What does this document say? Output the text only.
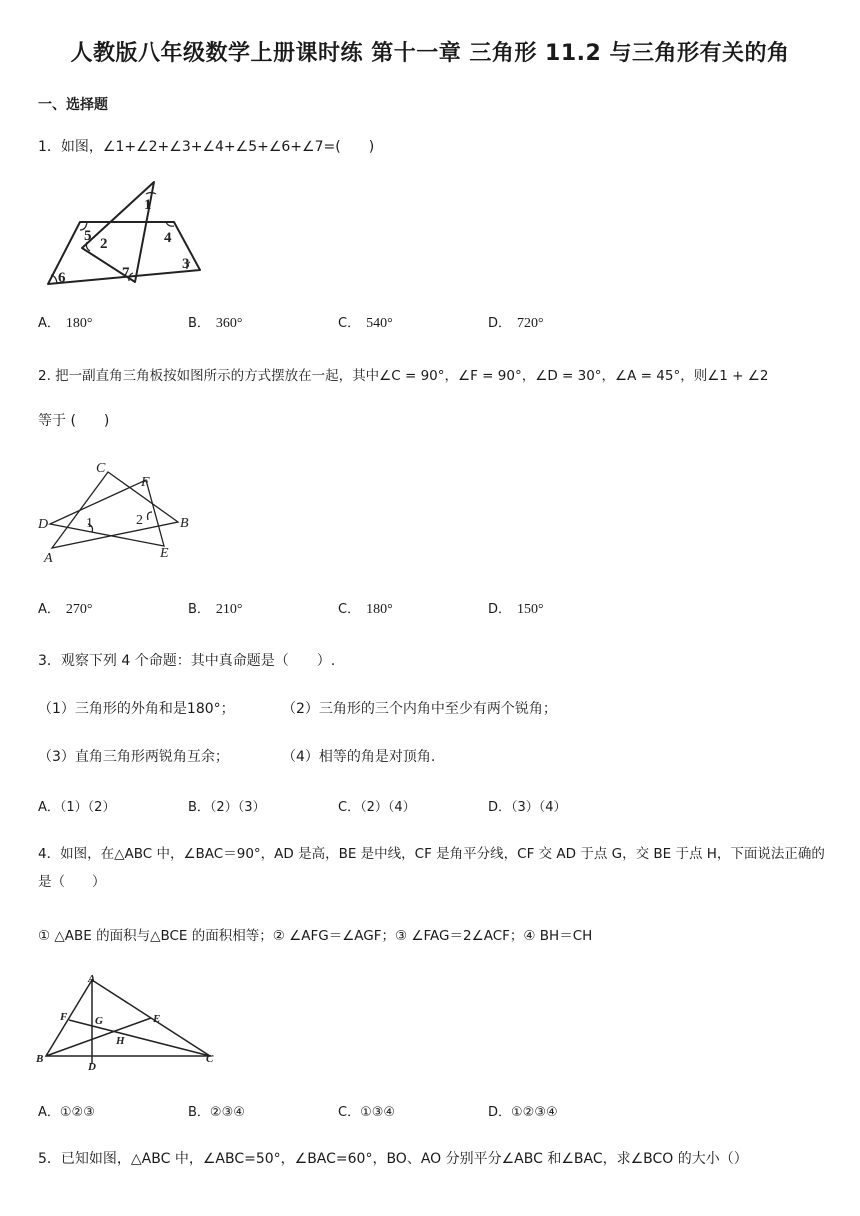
人教版八年级数学上册课时练 第十一章 三角形 11.2 与三角形有关的角
一、选择题
1．如图，∠1+∠2+∠3+∠4+∠5+∠6+∠7=(　　)
1
2
3
4
5
6	7
A． 180°	B． 360°	C． 540°	D． 720°
2. 把一副直角三角板按如图所示的方式摆放在一起，其中∠C = 90°，∠F = 90°，∠D = 30°，∠A = 45°，则∠1 + ∠2
等于 (　　)
C
F
D	1	2	B
E
A
A． 270°	B． 210°	C． 180°	D． 150°
3．观察下列 4 个命题：其中真命题是（　　）.
（1）三角形的外角和是180°；	（2）三角形的三个内角中至少有两个锐角；
（3）直角三角形两锐角互余；	（4）相等的角是对顶角.
A．（1）（2）	B．（2）（3）	C．（2）（4）	D．（3）（4）
4．如图，在△ABC 中，∠BAC＝90°，AD 是高，BE 是中线，CF 是角平分线，CF 交 AD 于点 G，交 BE 于点 H，下面说法正确的是（　　）
① △ABE 的面积与△BCE 的面积相等；② ∠AFG＝∠AGF；③ ∠FAG＝2∠ACF；④ BH＝CH
A
F	G	E
H
B
D
C
A．①②③	B．②③④	C．①③④	D．①②③④
5．已知如图，△ABC 中，∠ABC=50°，∠BAC=60°，BO、AO 分别平分∠ABC 和∠BAC，求∠BCO 的大小（）
